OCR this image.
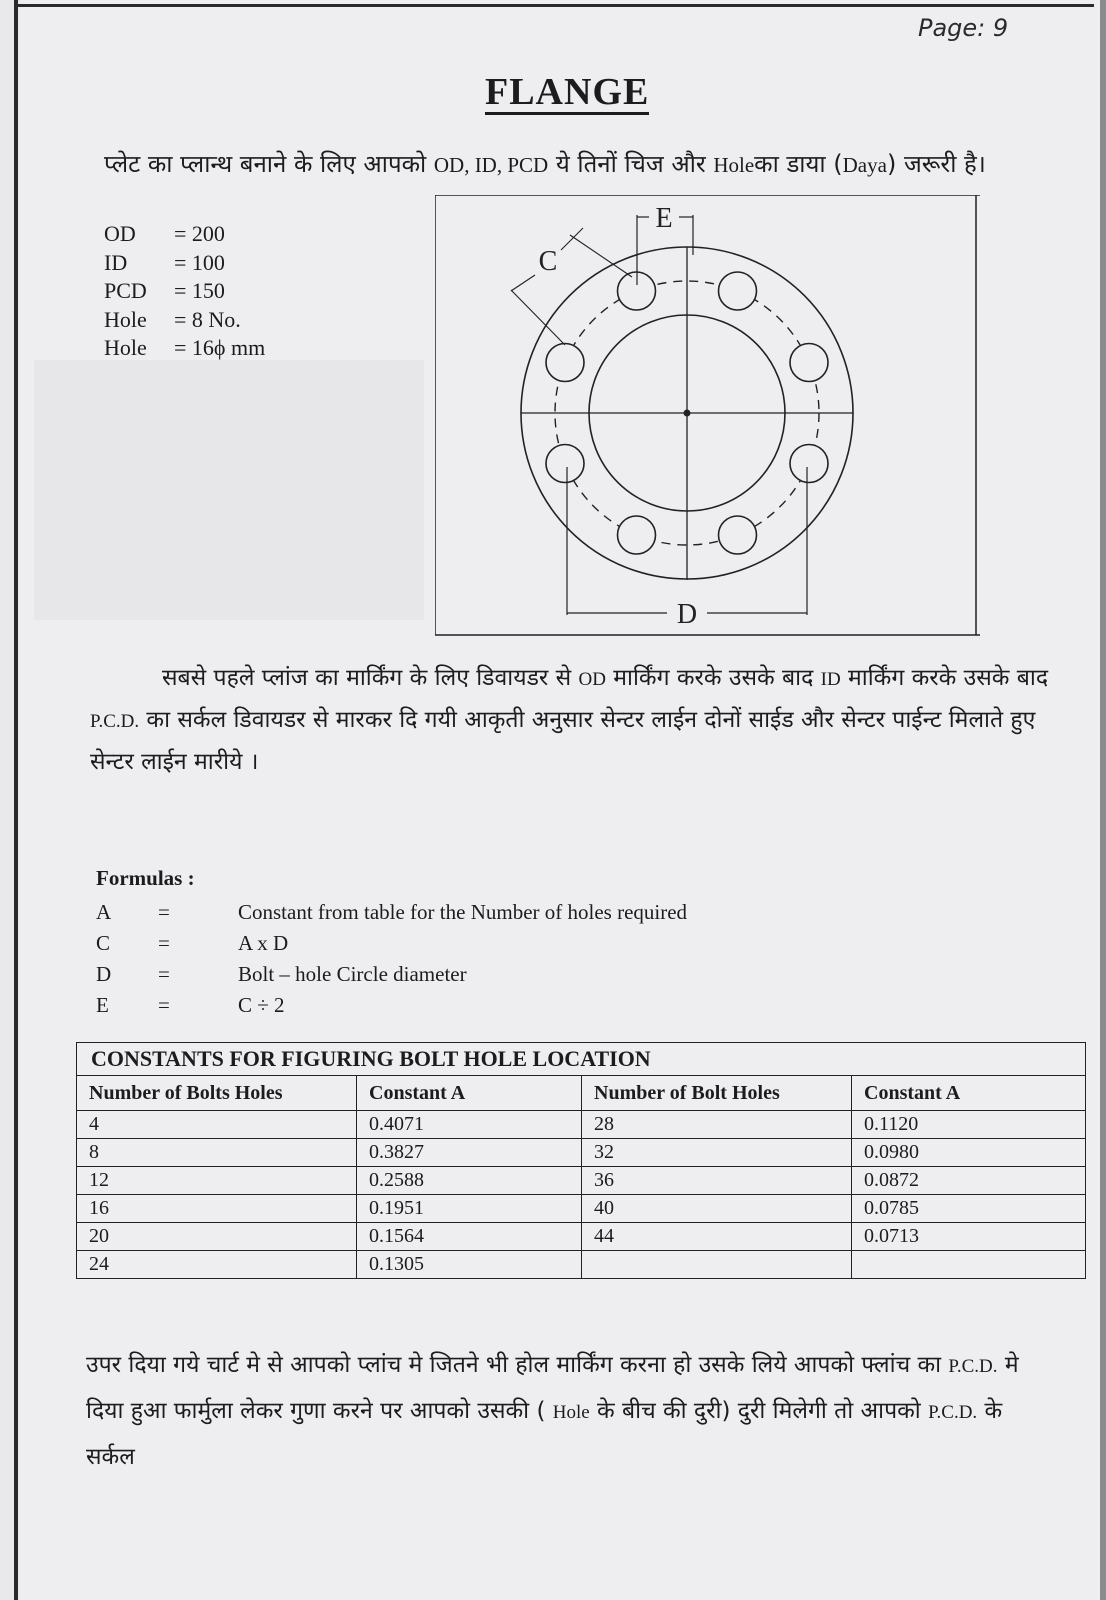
Page: 9
FLANGE
प्लेट का प्लान्थ बनाने के लिए आपको OD, ID, PCD ये तिनों चिज और Holeका डाया (Daya) जरूरी है।
OD	= 200
ID	= 100
PCD	= 150
Hole	= 8 No.
Hole	= 16ϕ mm
D
E
C
सबसे पहले प्लांज का मार्किंग के लिए डिवायडर से OD मार्किंग करके उसके बाद ID मार्किंग करके उसके बाद P.C.D. का सर्कल डिवायडर से मारकर दि गयी आकृती अनुसार सेन्टर लाईन दोनों साईड और सेन्टर पाईन्ट मिलाते हुए सेन्टर लाईन मारीये ।
Formulas :
A	=	Constant from table for the Number of holes required
C	=	A x D
D	=	Bolt – hole Circle diameter
E	=	C ÷ 2
CONSTANTS FOR FIGURING BOLT HOLE LOCATION			
Number of Bolts Holes	Constant A	Number of Bolt Holes	Constant A
4	0.4071	28	0.1120
8	0.3827	32	0.0980
12	0.2588	36	0.0872
16	0.1951	40	0.0785
20	0.1564	44	0.0713
24	0.1305		
उपर दिया गये चार्ट मे से आपको प्लांच मे जितने भी होल मार्किंग करना हो उसके लिये आपको फ्लांच का P.C.D. मे दिया हुआ फार्मुला लेकर गुणा करने पर आपको उसकी ( Hole के बीच की दुरी) दुरी मिलेगी तो आपको P.C.D. के सर्कल
